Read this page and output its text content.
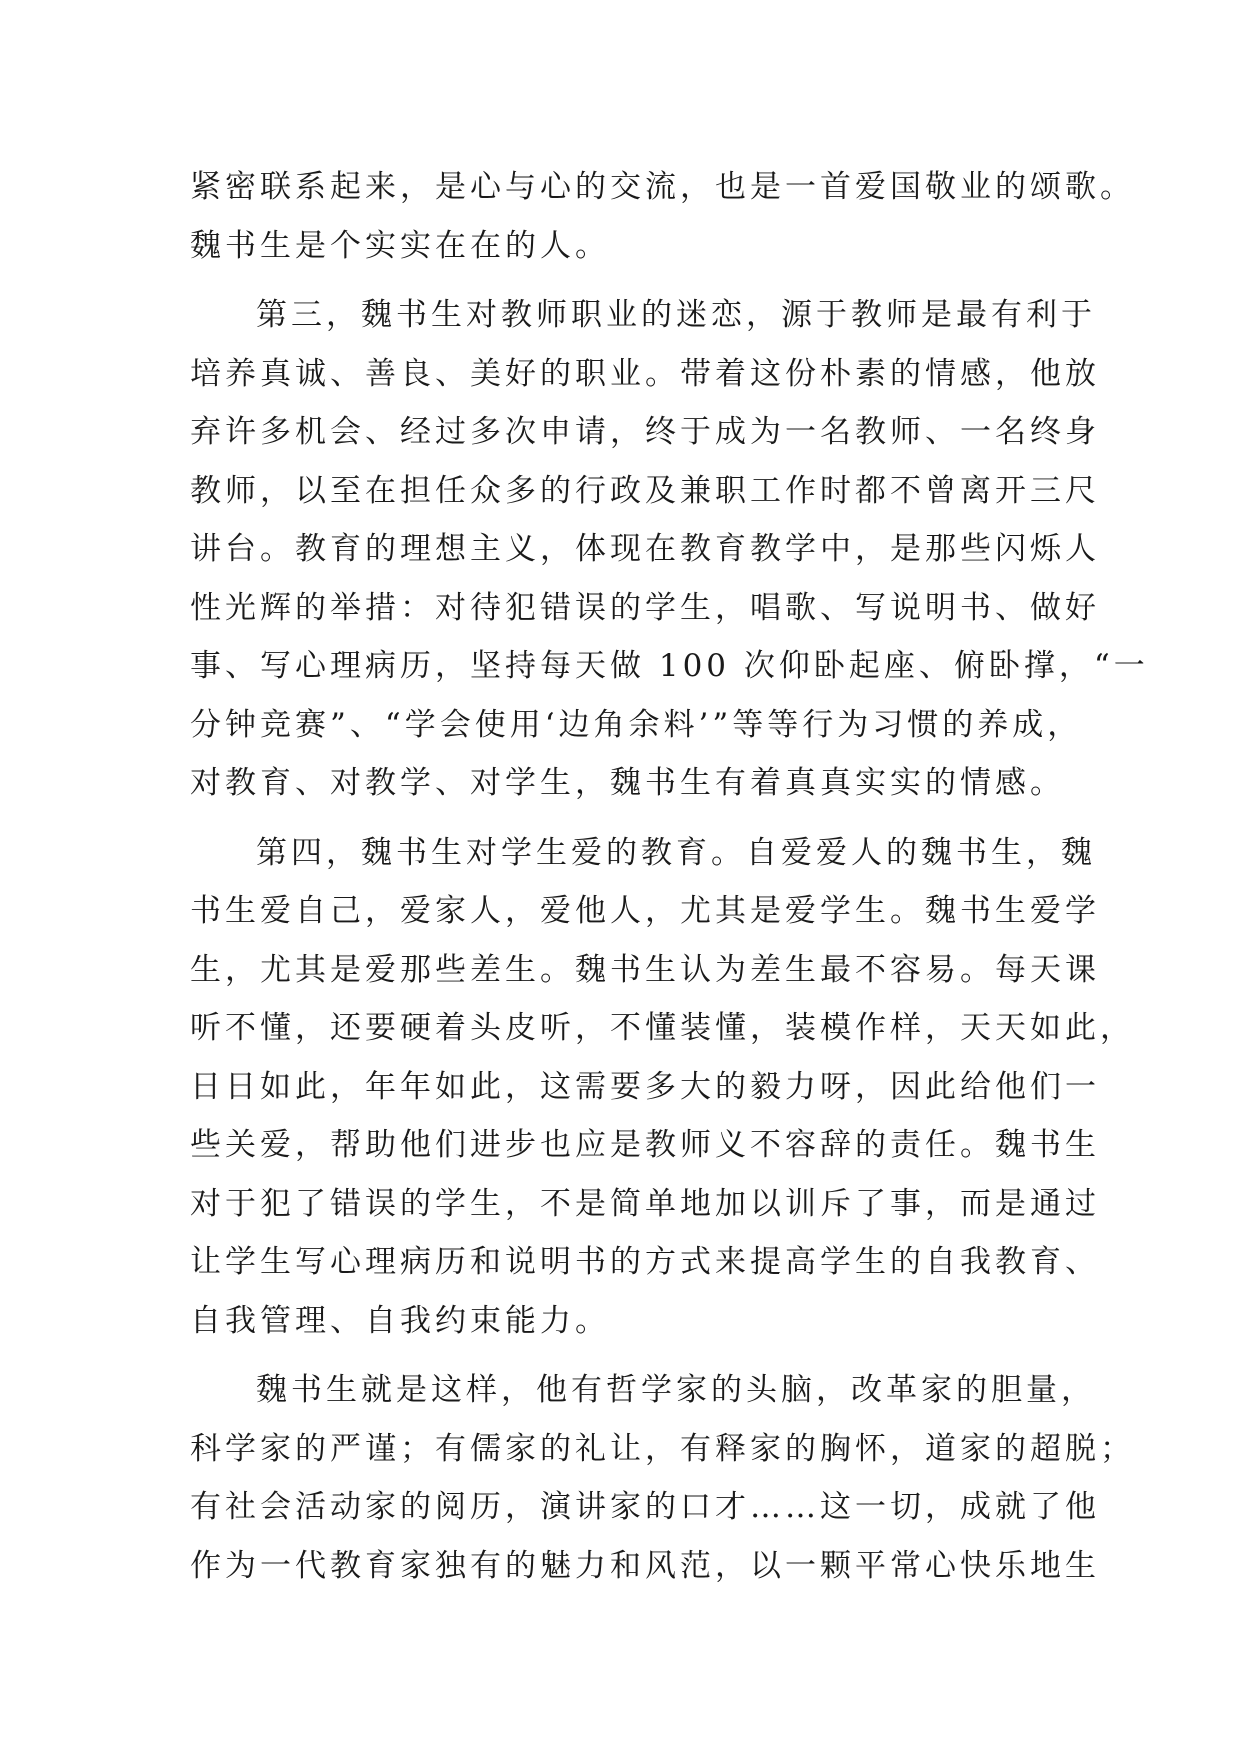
紧密联系起来，是心与心的交流，也是一首爱国敬业的颂歌。
魏书生是个实实在在的人。
第三，魏书生对教师职业的迷恋，源于教师是最有利于
培养真诚、善良、美好的职业。带着这份朴素的情感，他放
弃许多机会、经过多次申请，终于成为一名教师、一名终身
教师，以至在担任众多的行政及兼职工作时都不曾离开三尺
讲台。教育的理想主义，体现在教育教学中，是那些闪烁人
性光辉的举措：对待犯错误的学生，唱歌、写说明书、做好
事、写心理病历，坚持每天做 100 次仰卧起座、俯卧撑，“一
分钟竞赛”、“学会使用‘边角余料’”等等行为习惯的养成，
对教育、对教学、对学生，魏书生有着真真实实的情感。
第四，魏书生对学生爱的教育。自爱爱人的魏书生，魏
书生爱自己，爱家人，爱他人，尤其是爱学生。魏书生爱学
生，尤其是爱那些差生。魏书生认为差生最不容易。每天课
听不懂，还要硬着头皮听，不懂装懂，装模作样，天天如此，
日日如此，年年如此，这需要多大的毅力呀，因此给他们一
些关爱，帮助他们进步也应是教师义不容辞的责任。魏书生
对于犯了错误的学生，不是简单地加以训斥了事，而是通过
让学生写心理病历和说明书的方式来提高学生的自我教育、
自我管理、自我约束能力。
魏书生就是这样，他有哲学家的头脑，改革家的胆量，
科学家的严谨；有儒家的礼让，有释家的胸怀，道家的超脱；
有社会活动家的阅历，演讲家的口才……这一切，成就了他
作为一代教育家独有的魅力和风范，以一颗平常心快乐地生
